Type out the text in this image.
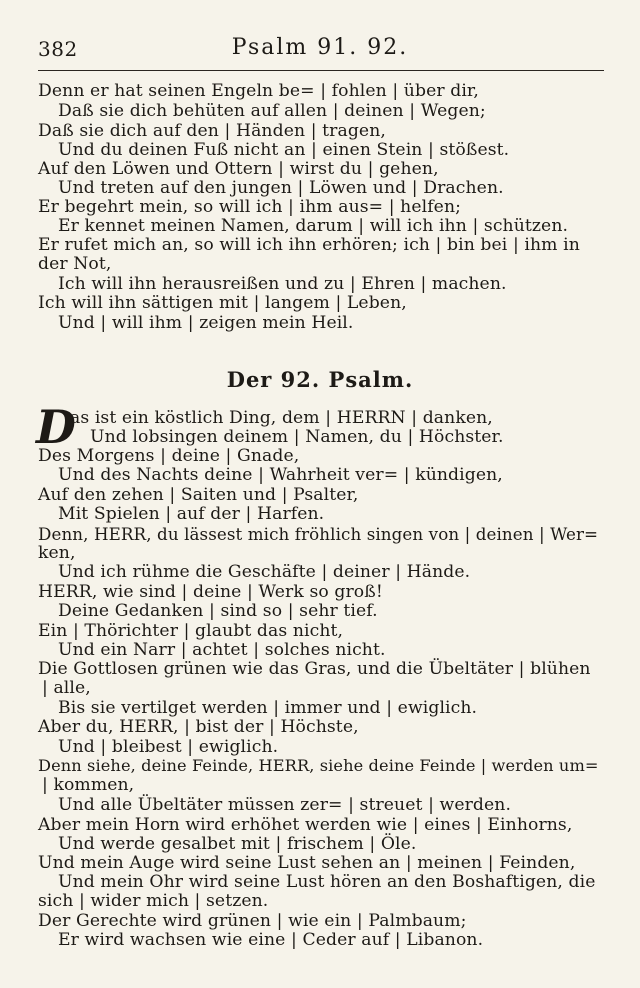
382	Psalm 91. 92.
Denn er hat seinen Engeln be= | fohlen | über dir,
Daß sie dich behüten auf allen | deinen | Wegen;
Daß sie dich auf den | Händen | tragen,
Und du deinen Fuß nicht an | einen Stein | stößest.
Auf den Löwen und Ottern | wirst du | gehen,
Und treten auf den jungen | Löwen und | Drachen.
Er begehrt mein, so will ich | ihm aus= | helfen;
Er kennet meinen Namen, darum | will ich ihn | schützen.
Er rufet mich an, so will ich ihn erhören; ich | bin bei | ihm in
der Not,
Ich will ihn herausreißen und zu | Ehren | machen.
Ich will ihn sättigen mit | langem | Leben,
Und | will ihm | zeigen mein Heil.
Der 92. Psalm.
D
as ist ein köstlich Ding, dem | HERRN | danken,
Und lobsingen deinem | Namen, du | Höchster.
Des Morgens | deine | Gnade,
Und des Nachts deine | Wahrheit ver= | kündigen,
Auf den zehen | Saiten und | Psalter,
Mit Spielen | auf der | Harfen.
Denn, HERR, du lässest mich fröhlich singen von | deinen | Wer=
ken,
Und ich rühme die Geschäfte | deiner | Hände.
HERR, wie sind | deine | Werk so groß!
Deine Gedanken | sind so | sehr tief.
Ein | Thörichter | glaubt das nicht,
Und ein Narr | achtet | solches nicht.
Die Gottlosen grünen wie das Gras, und die Übeltäter | blühen
| alle,
Bis sie vertilget werden | immer und | ewiglich.
Aber du, HERR, | bist der | Höchste,
Und | bleibest | ewiglich.
Denn siehe, deine Feinde, HERR, siehe deine Feinde | werden um=
| kommen,
Und alle Übeltäter müssen zer= | streuet | werden.
Aber mein Horn wird erhöhet werden wie | eines | Einhorns,
Und werde gesalbet mit | frischem | Öle.
Und mein Auge wird seine Lust sehen an | meinen | Feinden,
Und mein Ohr wird seine Lust hören an den Boshaftigen, die
sich | wider mich | setzen.
Der Gerechte wird grünen | wie ein | Palmbaum;
Er wird wachsen wie eine | Ceder auf | Libanon.
